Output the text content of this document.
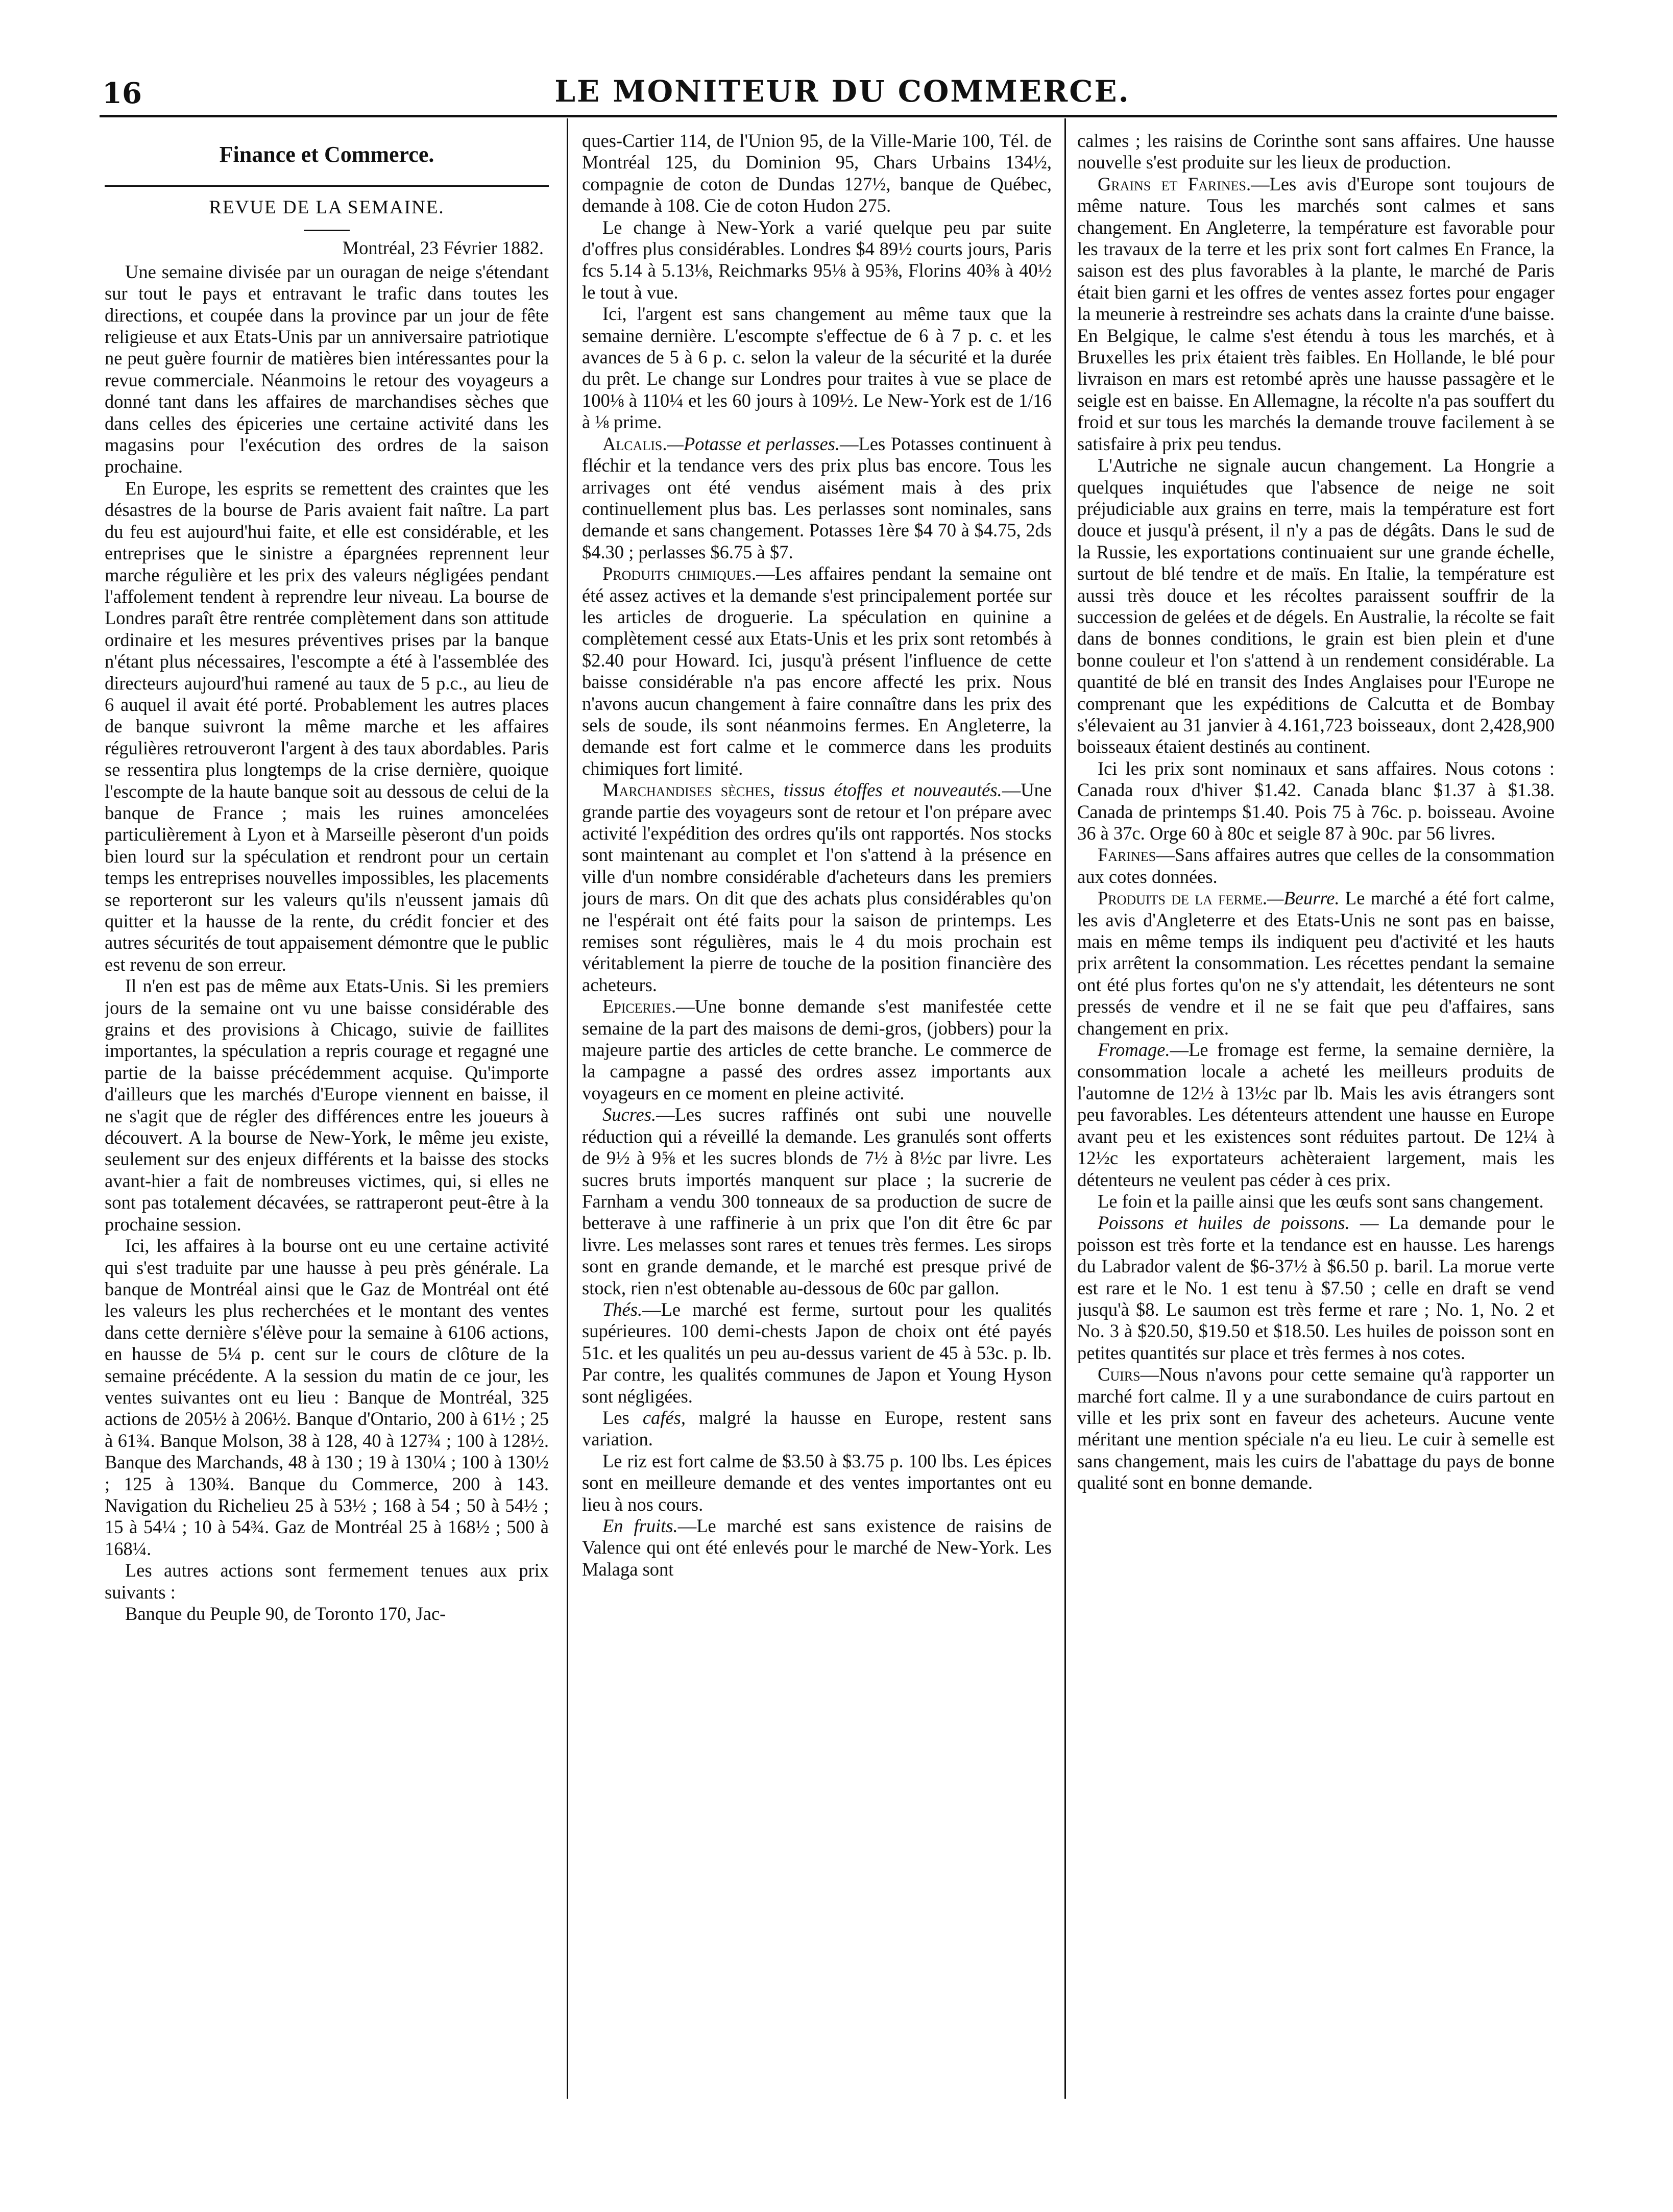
16	LE MONITEUR DU COMMERCE.

Finance et Commerce.

REVUE DE LA SEMAINE.

Montréal, 23 Février 1882.

Une semaine divisée par un ouragan de neige s'étendant sur tout le pays et entravant le trafic dans toutes les directions, et coupée dans la province par un jour de fête religieuse et aux Etats-Unis par un anniversaire patriotique ne peut guère fournir de matières bien intéressantes pour la revue commerciale. Néanmoins le retour des voyageurs a donné tant dans les affaires de marchandises sèches que dans celles des épiceries une certaine activité dans les magasins pour l'exécution des ordres de la saison prochaine.

En Europe, les esprits se remettent des craintes que les désastres de la bourse de Paris avaient fait naître. La part du feu est aujourd'hui faite, et elle est considérable, et les entreprises que le sinistre a épargnées reprennent leur marche régulière et les prix des valeurs négligées pendant l'affolement tendent à reprendre leur niveau. La bourse de Londres paraît être rentrée complètement dans son attitude ordinaire et les mesures préventives prises par la banque n'étant plus nécessaires, l'escompte a été à l'assemblée des directeurs aujourd'hui ramené au taux de 5 p.c., au lieu de 6 auquel il avait été porté. Probablement les autres places de banque suivront la même marche et les affaires régulières retrouveront l'argent à des taux abordables. Paris se ressentira plus longtemps de la crise dernière, quoique l'escompte de la haute banque soit au dessous de celui de la banque de France ; mais les ruines amoncelées particulièrement à Lyon et à Marseille pèseront d'un poids bien lourd sur la spéculation et rendront pour un certain temps les entreprises nouvelles impossibles, les placements se reporteront sur les valeurs qu'ils n'eussent jamais dû quitter et la hausse de la rente, du crédit foncier et des autres sécurités de tout appaisement démontre que le public est revenu de son erreur.

Il n'en est pas de même aux Etats-Unis. Si les premiers jours de la semaine ont vu une baisse considérable des grains et des provisions à Chicago, suivie de faillites importantes, la spéculation a repris courage et regagné une partie de la baisse précédemment acquise. Qu'importe d'ailleurs que les marchés d'Europe viennent en baisse, il ne s'agit que de régler des différences entre les joueurs à découvert. A la bourse de New-York, le même jeu existe, seulement sur des enjeux différents et la baisse des stocks avant-hier a fait de nombreuses victimes, qui, si elles ne sont pas totalement décavées, se rattraperont peut-être à la prochaine session.

Ici, les affaires à la bourse ont eu une certaine activité qui s'est traduite par une hausse à peu près générale. La banque de Montréal ainsi que le Gaz de Montréal ont été les valeurs les plus recherchées et le montant des ventes dans cette dernière s'élève pour la semaine à 6106 actions, en hausse de 5¼ p. cent sur le cours de clôture de la semaine précédente. A la session du matin de ce jour, les ventes suivantes ont eu lieu : Banque de Montréal, 325 actions de 205½ à 206½. Banque d'Ontario, 200 à 61½ ; 25 à 61¾. Banque Molson, 38 à 128, 40 à 127¾ ; 100 à 128½. Banque des Marchands, 48 à 130 ; 19 à 130¼ ; 100 à 130½ ; 125 à 130¾. Banque du Commerce, 200 à 143. Navigation du Richelieu 25 à 53½ ; 168 à 54 ; 50 à 54½ ; 15 à 54¼ ; 10 à 54¾. Gaz de Montréal 25 à 168½ ; 500 à 168¼.

Les autres actions sont fermement tenues aux prix suivants :

Banque du Peuple 90, de Toronto 170, Jac-

ques-Cartier 114, de l'Union 95, de la Ville-Marie 100, Tél. de Montréal 125, du Dominion 95, Chars Urbains 134½, compagnie de coton de Dundas 127½, banque de Québec, demande à 108. Cie de coton Hudon 275.

Le change à New-York a varié quelque peu par suite d'offres plus considérables. Londres $4 89½ courts jours, Paris fcs 5.14 à 5.13⅛, Reichmarks 95⅛ à 95⅜, Florins 40⅜ à 40½ le tout à vue.

Ici, l'argent est sans changement au même taux que la semaine dernière. L'escompte s'effectue de 6 à 7 p. c. et les avances de 5 à 6 p. c. selon la valeur de la sécurité et la durée du prêt. Le change sur Londres pour traites à vue se place de 100⅛ à 110¼ et les 60 jours à 109½. Le New-York est de 1/16 à ⅛ prime.

Alcalis.—Potasse et perlasses.—Les Potasses continuent à fléchir et la tendance vers des prix plus bas encore. Tous les arrivages ont été vendus aisément mais à des prix continuellement plus bas. Les perlasses sont nominales, sans demande et sans changement. Potasses 1ère $4 70 à $4.75, 2ds $4.30 ; perlasses $6.75 à $7.

Produits chimiques.—Les affaires pendant la semaine ont été assez actives et la demande s'est principalement portée sur les articles de droguerie. La spéculation en quinine a complètement cessé aux Etats-Unis et les prix sont retombés à $2.40 pour Howard. Ici, jusqu'à présent l'influence de cette baisse considérable n'a pas encore affecté les prix. Nous n'avons aucun changement à faire connaître dans les prix des sels de soude, ils sont néanmoins fermes. En Angleterre, la demande est fort calme et le commerce dans les produits chimiques fort limité.

Marchandises sèches, tissus étoffes et nouveautés.—Une grande partie des voyageurs sont de retour et l'on prépare avec activité l'expédition des ordres qu'ils ont rapportés. Nos stocks sont maintenant au complet et l'on s'attend à la présence en ville d'un nombre considérable d'acheteurs dans les premiers jours de mars. On dit que des achats plus considérables qu'on ne l'espérait ont été faits pour la saison de printemps. Les remises sont régulières, mais le 4 du mois prochain est véritablement la pierre de touche de la position financière des acheteurs.

Epiceries.—Une bonne demande s'est manifestée cette semaine de la part des maisons de demi-gros, (jobbers) pour la majeure partie des articles de cette branche. Le commerce de la campagne a passé des ordres assez importants aux voyageurs en ce moment en pleine activité.

Sucres.—Les sucres raffinés ont subi une nouvelle réduction qui a réveillé la demande. Les granulés sont offerts de 9½ à 9⅝ et les sucres blonds de 7½ à 8½c par livre. Les sucres bruts importés manquent sur place ; la sucrerie de Farnham a vendu 300 tonneaux de sa production de sucre de betterave à une raffinerie à un prix que l'on dit être 6c par livre. Les melasses sont rares et tenues très fermes. Les sirops sont en grande demande, et le marché est presque privé de stock, rien n'est obtenable au-dessous de 60c par gallon.

Thés.—Le marché est ferme, surtout pour les qualités supérieures. 100 demi-chests Japon de choix ont été payés 51c. et les qualités un peu au-dessus varient de 45 à 53c. p. lb. Par contre, les qualités communes de Japon et Young Hyson sont négligées.

Les cafés, malgré la hausse en Europe, restent sans variation.

Le riz est fort calme de $3.50 à $3.75 p. 100 lbs. Les épices sont en meilleure demande et des ventes importantes ont eu lieu à nos cours.

En fruits.—Le marché est sans existence de raisins de Valence qui ont été enlevés pour le marché de New-York. Les Malaga sont

calmes ; les raisins de Corinthe sont sans affaires. Une hausse nouvelle s'est produite sur les lieux de production.

Grains et Farines.—Les avis d'Europe sont toujours de même nature. Tous les marchés sont calmes et sans changement. En Angleterre, la température est favorable pour les travaux de la terre et les prix sont fort calmes En France, la saison est des plus favorables à la plante, le marché de Paris était bien garni et les offres de ventes assez fortes pour engager la meunerie à restreindre ses achats dans la crainte d'une baisse. En Belgique, le calme s'est étendu à tous les marchés, et à Bruxelles les prix étaient très faibles. En Hollande, le blé pour livraison en mars est retombé après une hausse passagère et le seigle est en baisse. En Allemagne, la récolte n'a pas souffert du froid et sur tous les marchés la demande trouve facilement à se satisfaire à prix peu tendus.

L'Autriche ne signale aucun changement. La Hongrie a quelques inquiétudes que l'absence de neige ne soit préjudiciable aux grains en terre, mais la température est fort douce et jusqu'à présent, il n'y a pas de dégâts. Dans le sud de la Russie, les exportations continuaient sur une grande échelle, surtout de blé tendre et de maïs. En Italie, la température est aussi très douce et les récoltes paraissent souffrir de la succession de gelées et de dégels. En Australie, la récolte se fait dans de bonnes conditions, le grain est bien plein et d'une bonne couleur et l'on s'attend à un rendement considérable. La quantité de blé en transit des Indes Anglaises pour l'Europe ne comprenant que les expéditions de Calcutta et de Bombay s'élevaient au 31 janvier à 4.161,723 boisseaux, dont 2,428,900 boisseaux étaient destinés au continent.

Ici les prix sont nominaux et sans affaires. Nous cotons : Canada roux d'hiver $1.42. Canada blanc $1.37 à $1.38. Canada de printemps $1.40. Pois 75 à 76c. p. boisseau. Avoine 36 à 37c. Orge 60 à 80c et seigle 87 à 90c. par 56 livres.

Farines—Sans affaires autres que celles de la consommation aux cotes données.

Produits de la ferme.—Beurre. Le marché a été fort calme, les avis d'Angleterre et des Etats-Unis ne sont pas en baisse, mais en même temps ils indiquent peu d'activité et les hauts prix arrêtent la consommation. Les récettes pendant la semaine ont été plus fortes qu'on ne s'y attendait, les détenteurs ne sont pressés de vendre et il ne se fait que peu d'affaires, sans changement en prix.

Fromage.—Le fromage est ferme, la semaine dernière, la consommation locale a acheté les meilleurs produits de l'automne de 12½ à 13½c par lb. Mais les avis étrangers sont peu favorables. Les détenteurs attendent une hausse en Europe avant peu et les existences sont réduites partout. De 12¼ à 12½c les exportateurs achèteraient largement, mais les détenteurs ne veulent pas céder à ces prix.

Le foin et la paille ainsi que les œufs sont sans changement.

Poissons et huiles de poissons. — La demande pour le poisson est très forte et la tendance est en hausse. Les harengs du Labrador valent de $6-37½ à $6.50 p. baril. La morue verte est rare et le No. 1 est tenu à $7.50 ; celle en draft se vend jusqu'à $8. Le saumon est très ferme et rare ; No. 1, No. 2 et No. 3 à $20.50, $19.50 et $18.50. Les huiles de poisson sont en petites quantités sur place et très fermes à nos cotes.

Cuirs—Nous n'avons pour cette semaine qu'à rapporter un marché fort calme. Il y a une surabondance de cuirs partout en ville et les prix sont en faveur des acheteurs. Aucune vente méritant une mention spéciale n'a eu lieu. Le cuir à semelle est sans changement, mais les cuirs de l'abattage du pays de bonne qualité sont en bonne demande.
